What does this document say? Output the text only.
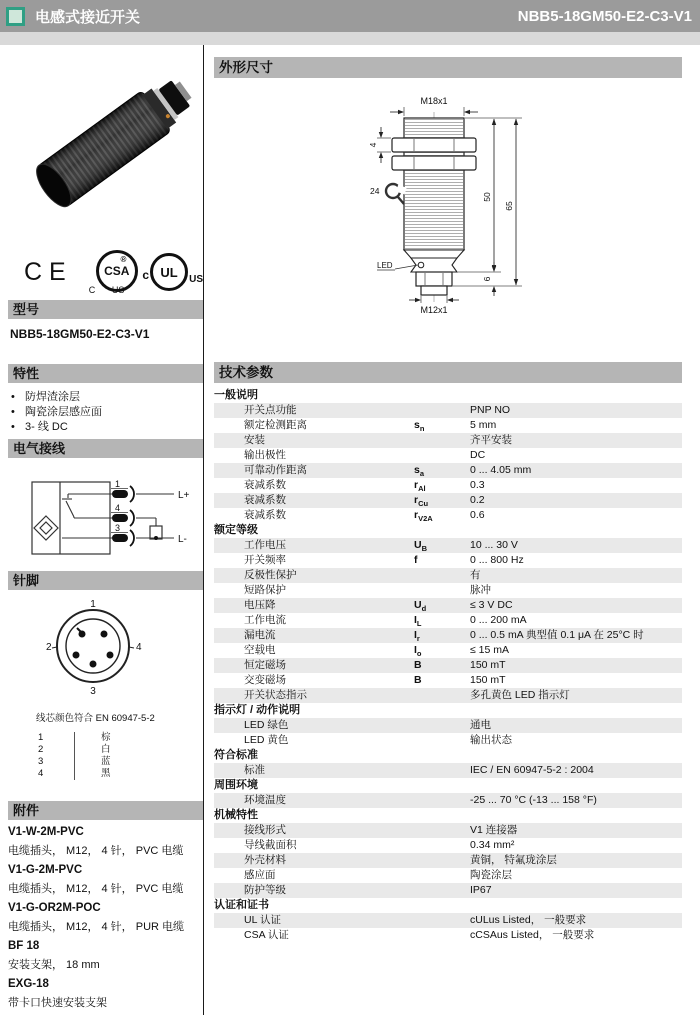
电感式接近开关	NBB5-18GM50-E2-C3-V1
CE	CSA
®
C US
c UL	US
型号
NBB5-18GM50-E2-C3-V1
特性
• 防焊渣涂层
• 陶瓷涂层感应面
• 3- 线 DC
电气接线
1
4
3
L+
L-
针脚
1
2	4
3
线芯颜色符合 EN 60947-5-2
1	棕
2	白
3	蓝
4	黑
附件
V1-W-2M-PVC
电缆插头， M12， 4 针， PVC 电缆
V1-G-2M-PVC
电缆插头， M12， 4 针， PVC 电缆
V1-G-OR2M-POC
电缆插头， M12， 4 针， PUR 电缆
BF 18
安装支架， 18 mm
EXG-18
带卡口快速安装支架
外形尺寸
M18x1
4
24
LED
M12x1
50
65
6
技术参数
一般说明
开关点功能	PNP NO
额定检测距离	$s_n$	5 mm
安装	齐平安装
输出极性	DC
可靠动作距离	$s_a$	0 ... 4.05 mm
衰减系数	$r_{Al}$	0.3
衰减系数	$r_{Cu}$	0.2
衰减系数	$r_{V2A}$	0.6
额定等级
工作电压	$U_B$	10 ... 30 V
开关频率	f	0 ... 800 Hz
反极性保护	有
短路保护	脉冲
电压降	$U_d$	≤ 3 V DC
工作电流	$I_L$	0 ... 200 mA
漏电流	$I_r$	0 ... 0.5 mA 典型值 0.1 μA 在 25°C 时
空载电	$I_o$	≤ 15 mA
恒定磁场	B	150 mT
交变磁场	B	150 mT
开关状态指示	多孔黄色 LED 指示灯
指示灯 / 动作说明
LED 绿色	通电
LED 黄色	输出状态
符合标准
标准	IEC / EN 60947-5-2 : 2004
周围环境
环境温度	-25 ... 70 °C (-13 ... 158 °F)
机械特性
接线形式	V1 连接器
导线截面积	0.34 mm²
外壳材料	黄铜， 特氟珑涂层
感应面	陶瓷涂层
防护等级	IP67
认证和证书
UL 认证	cULus Listed， 一般要求
CSA 认证	cCSAus Listed， 一般要求
